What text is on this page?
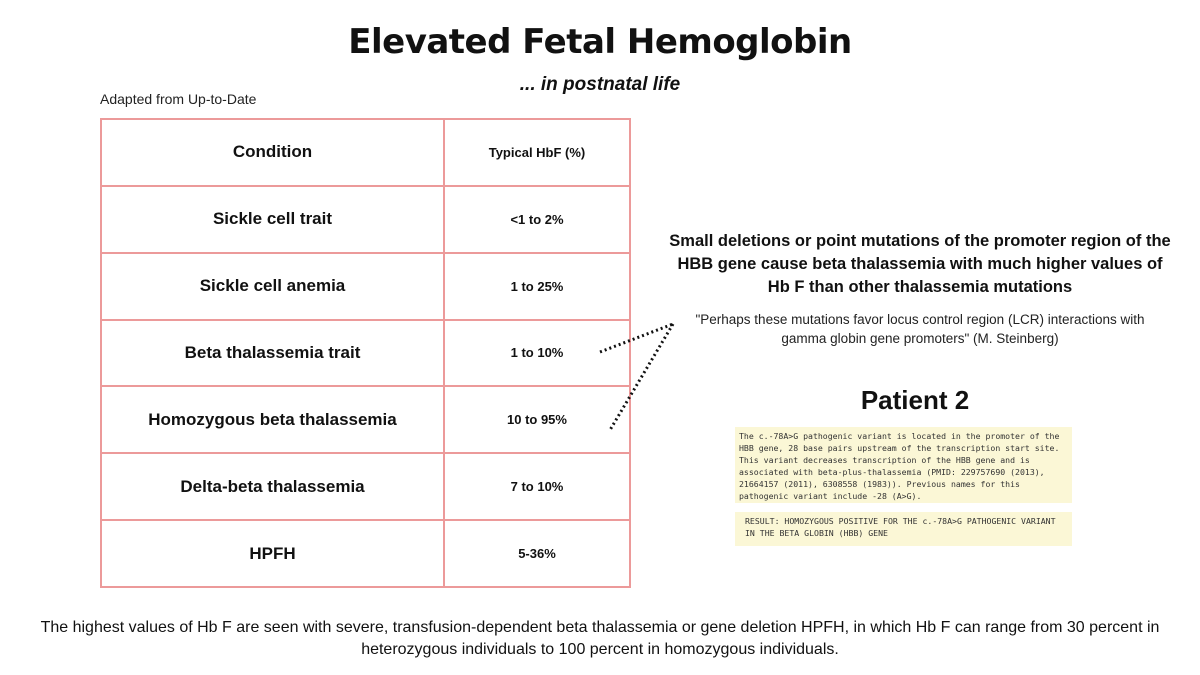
Elevated Fetal Hemoglobin
... in postnatal life
Adapted from Up-to-Date
Condition	Typical HbF (%)
Sickle cell trait	<1 to 2%
Sickle cell anemia	1 to 25%
Beta thalassemia trait	1 to 10%
Homozygous beta thalassemia	10 to 95%
Delta-beta thalassemia	7 to 10%
HPFH	5-36%
Small deletions or point mutations of the promoter region of the HBB gene cause beta thalassemia with much higher values of Hb F than other thalassemia mutations
"Perhaps these mutations favor locus control region (LCR) interactions with gamma globin gene promoters" (M. Steinberg)
Patient 2
The c.-78A>G pathogenic variant is located in the promoter of the HBB gene, 28 base pairs upstream of the transcription start site. This variant decreases transcription of the HBB gene and is associated with beta-plus-thalassemia (PMID: 229757690 (2013), 21664157 (2011), 6308558 (1983)). Previous names for this pathogenic variant include -28 (A>G).
RESULT: HOMOZYGOUS POSITIVE FOR THE c.-78A>G PATHOGENIC VARIANT IN THE BETA GLOBIN (HBB) GENE
The highest values of Hb F are seen with severe, transfusion-dependent beta thalassemia or gene deletion HPFH, in which Hb F can range from 30 percent in heterozygous individuals to 100 percent in homozygous individuals.
